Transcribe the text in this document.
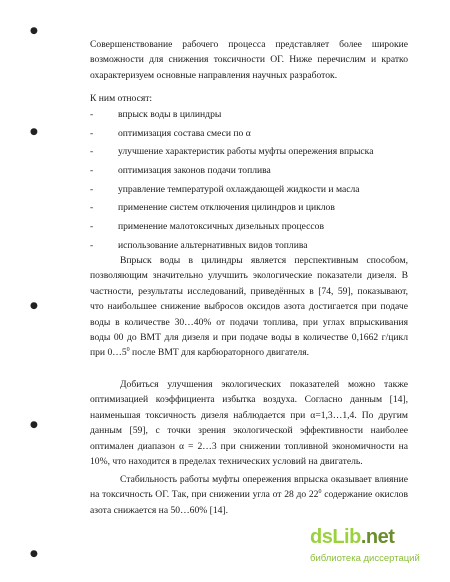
●
●
●
●
●

Совершенствование рабочего процесса представляет более широкие возможности для снижения токсичности ОГ. Ниже перечислим и кратко охарактеризуем основные направления научных разработок.

К ним относят:
-	впрыск воды в цилиндры
-	оптимизация состава смеси по α
-	улучшение характеристик работы муфты опережения впрыска
-	оптимизация законов подачи топлива
-	управление температурой охлаждающей жидкости и масла
-	применение систем отключения цилиндров и циклов
-	применение малотоксичных дизельных процессов
-	использование альтернативных видов топлива

Впрыск воды в цилиндры является перспективным способом, позволяющим значительно улучшить экологические показатели дизеля. В частности, результаты исследований, приведённых в [74, 59], показывают, что наибольшее снижение выбросов оксидов азота достигается при подаче воды в количестве 30…40% от подачи топлива, при углах впрыскивания воды 00 до ВМТ для дизеля и при подаче воды в количестве 0,1662 г/цикл при $0\dots 5^0$ после ВМТ для карбюраторного двигателя.

Добиться улучшения экологических показателей можно также оптимизацией коэффициента избытка воздуха. Согласно данным [14], наименьшая токсичность дизеля наблюдается при α=1,3…1,4. По другим данным [59], с точки зрения экологической эффективности наиболее оптимален диапазон α = 2…3 при снижении топливной экономичности на 10%, что находится в пределах технических условий на двигатель.

Стабильность работы муфты опережения впрыска оказывает влияние на токсичность ОГ. Так, при снижении угла от 28 до $22^0$ содержание окислов азота снижается на 50…60% [14].

dsLib.net
библиотека диссертаций
